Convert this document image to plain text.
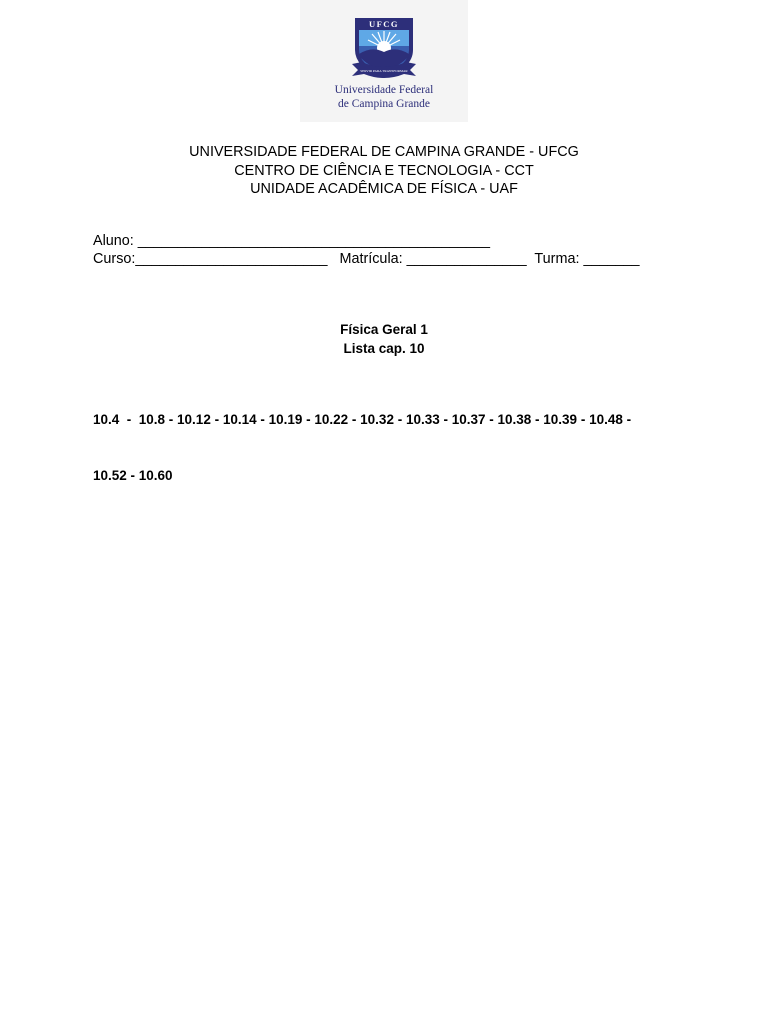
UFCG
SERVIR PARA TRANSFORMAR
Universidade Federal
de Campina Grande
UNIVERSIDADE FEDERAL DE CAMPINA GRANDE - UFCG
CENTRO DE CIÊNCIA E TECNOLOGIA - CCT
UNIDADE ACADÊMICA DE FÍSICA - UAF
Aluno: ____________________________________________
Curso:________________________   Matrícula: _______________  Turma: _______
Física Geral 1
Lista cap. 10

10.4  -  10.8 - 10.12 - 10.14 - 10.19 - 10.22 - 10.32 - 10.33 - 10.37 - 10.38 - 10.39 - 10.48 -

10.52 - 10.60
